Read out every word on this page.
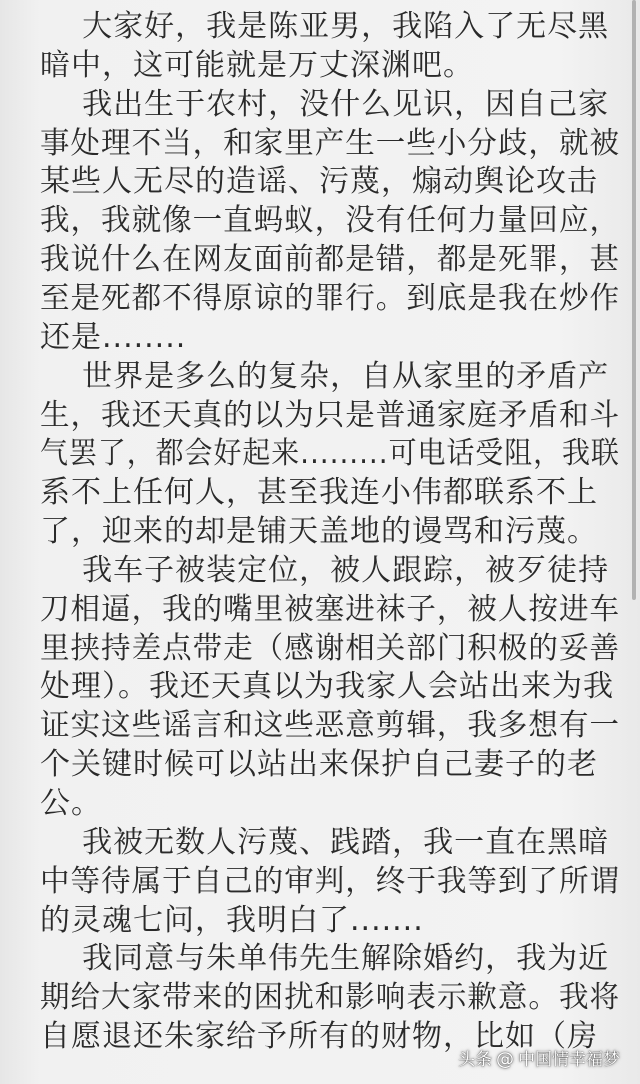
大家好，我是陈亚男，我陷入了无尽黑
暗中，这可能就是万丈深渊吧。
我出生于农村，没什么见识，因自己家
事处理不当，和家里产生一些小分歧，就被
某些人无尽的造谣、污蔑，煽动舆论攻击
我，我就像一直蚂蚁，没有任何力量回应，
我说什么在网友面前都是错，都是死罪，甚
至是死都不得原谅的罪行。到底是我在炒作
还是........
世界是多么的复杂，自从家里的矛盾产
生，我还天真的以为只是普通家庭矛盾和斗
气罢了，都会好起来.........可电话受阻，我联
系不上任何人，甚至我连小伟都联系不上
了，迎来的却是铺天盖地的谩骂和污蔑。
我车子被装定位，被人跟踪，被歹徒持
刀相逼，我的嘴里被塞进袜子，被人按进车
里挟持差点带走（感谢相关部门积极的妥善
处理）。我还天真以为我家人会站出来为我
证实这些谣言和这些恶意剪辑，我多想有一
个关键时候可以站出来保护自己妻子的老
公。
我被无数人污蔑、践踏，我一直在黑暗
中等待属于自己的审判，终于我等到了所谓
的灵魂七问，我明白了.......
我同意与朱单伟先生解除婚约，我为近
期给大家带来的困扰和影响表示歉意。我将
自愿退还朱家给予所有的财物，比如（房
头条 @ 中国情幸福梦
